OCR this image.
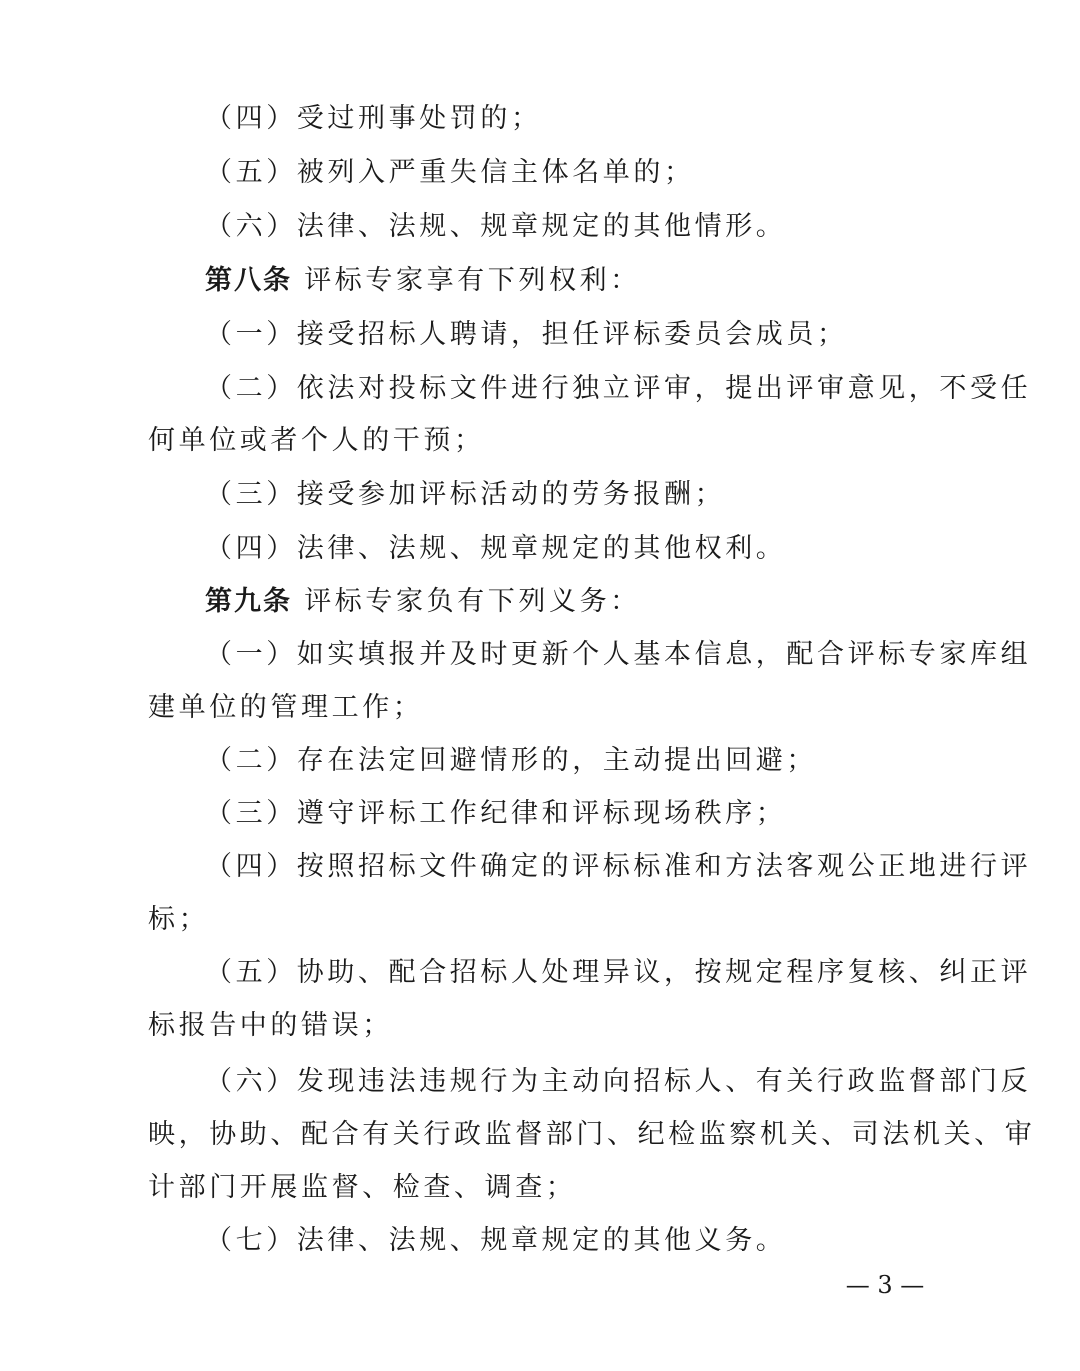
（四）受过刑事处罚的；
（五）被列入严重失信主体名单的；
（六）法律、法规、规章规定的其他情形。
第八条 评标专家享有下列权利：
（一）接受招标人聘请，担任评标委员会成员；
（二）依法对投标文件进行独立评审，提出评审意见，不受任
何单位或者个人的干预；
（三）接受参加评标活动的劳务报酬；
（四）法律、法规、规章规定的其他权利。
第九条 评标专家负有下列义务：
（一）如实填报并及时更新个人基本信息，配合评标专家库组
建单位的管理工作；
（二）存在法定回避情形的，主动提出回避；
（三）遵守评标工作纪律和评标现场秩序；
（四）按照招标文件确定的评标标准和方法客观公正地进行评
标；
（五）协助、配合招标人处理异议，按规定程序复核、纠正评
标报告中的错误；
（六）发现违法违规行为主动向招标人、有关行政监督部门反
映，协助、配合有关行政监督部门、纪检监察机关、司法机关、审
计部门开展监督、检查、调查；
（七）法律、法规、规章规定的其他义务。
— 3 —
